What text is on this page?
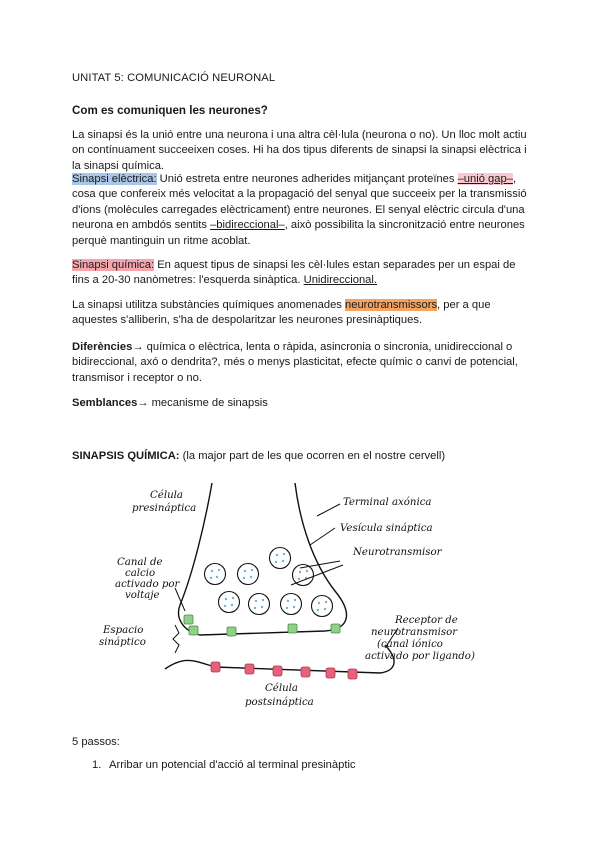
UNITAT 5: COMUNICACIÓ NEURONAL
Com es comuniquen les neurones?
La sinapsi és la unió entre una neurona i una altra cèl·lula (neurona o no). Un lloc molt actiu on contínuament succeeixen coses. Hi ha dos tipus diferents de sinapsi la sinapsi elèctrica i la sinapsi química.
Sinapsi elèctrica: Unió estreta entre neurones adherides mitjançant proteïnes –unió gap–, cosa que confereix més velocitat a la propagació del senyal que succeeix per la transmissió d'ions (molècules carregades elèctricament) entre neurones. El senyal elèctric circula d'una neurona en ambdós sentits –bidireccional–, això possibilita la sincronització entre neurones perquè mantinguin un ritme acoblat.
Sinapsi química: En aquest tipus de sinapsi les cèl·lules estan separades per un espai de fins a 20-30 nanòmetres: l'esquerda sinàptica. Unidireccional.
La sinapsi utilitza substàncies químiques anomenades neurotransmissors, per a que aquestes s'alliberin, s'ha de despolaritzar les neurones presinàptiques.
Diferències→ química o elèctrica, lenta o ràpida, asincronia o sincronia, unidireccional o bidireccional, axó o dendrita?, més o menys plasticitat, efecte químic o canvi de potencial, transmisor i receptor o no.
Semblances→ mecanisme de sinapsis
SINAPSIS QUÍMICA: (la major part de les que ocorren en el nostre cervell)
Célula
presináptica
Terminal axónica
Vesícula sináptica
Neurotransmisor
Canal de
calcio
activado por
voltaje
Espacio
sináptico
Receptor de
neurotransmisor
(canal iónico
activado por ligando)
Célula
postsináptica
5 passos:
1. Arribar un potencial d'acció al terminal presinàptic
